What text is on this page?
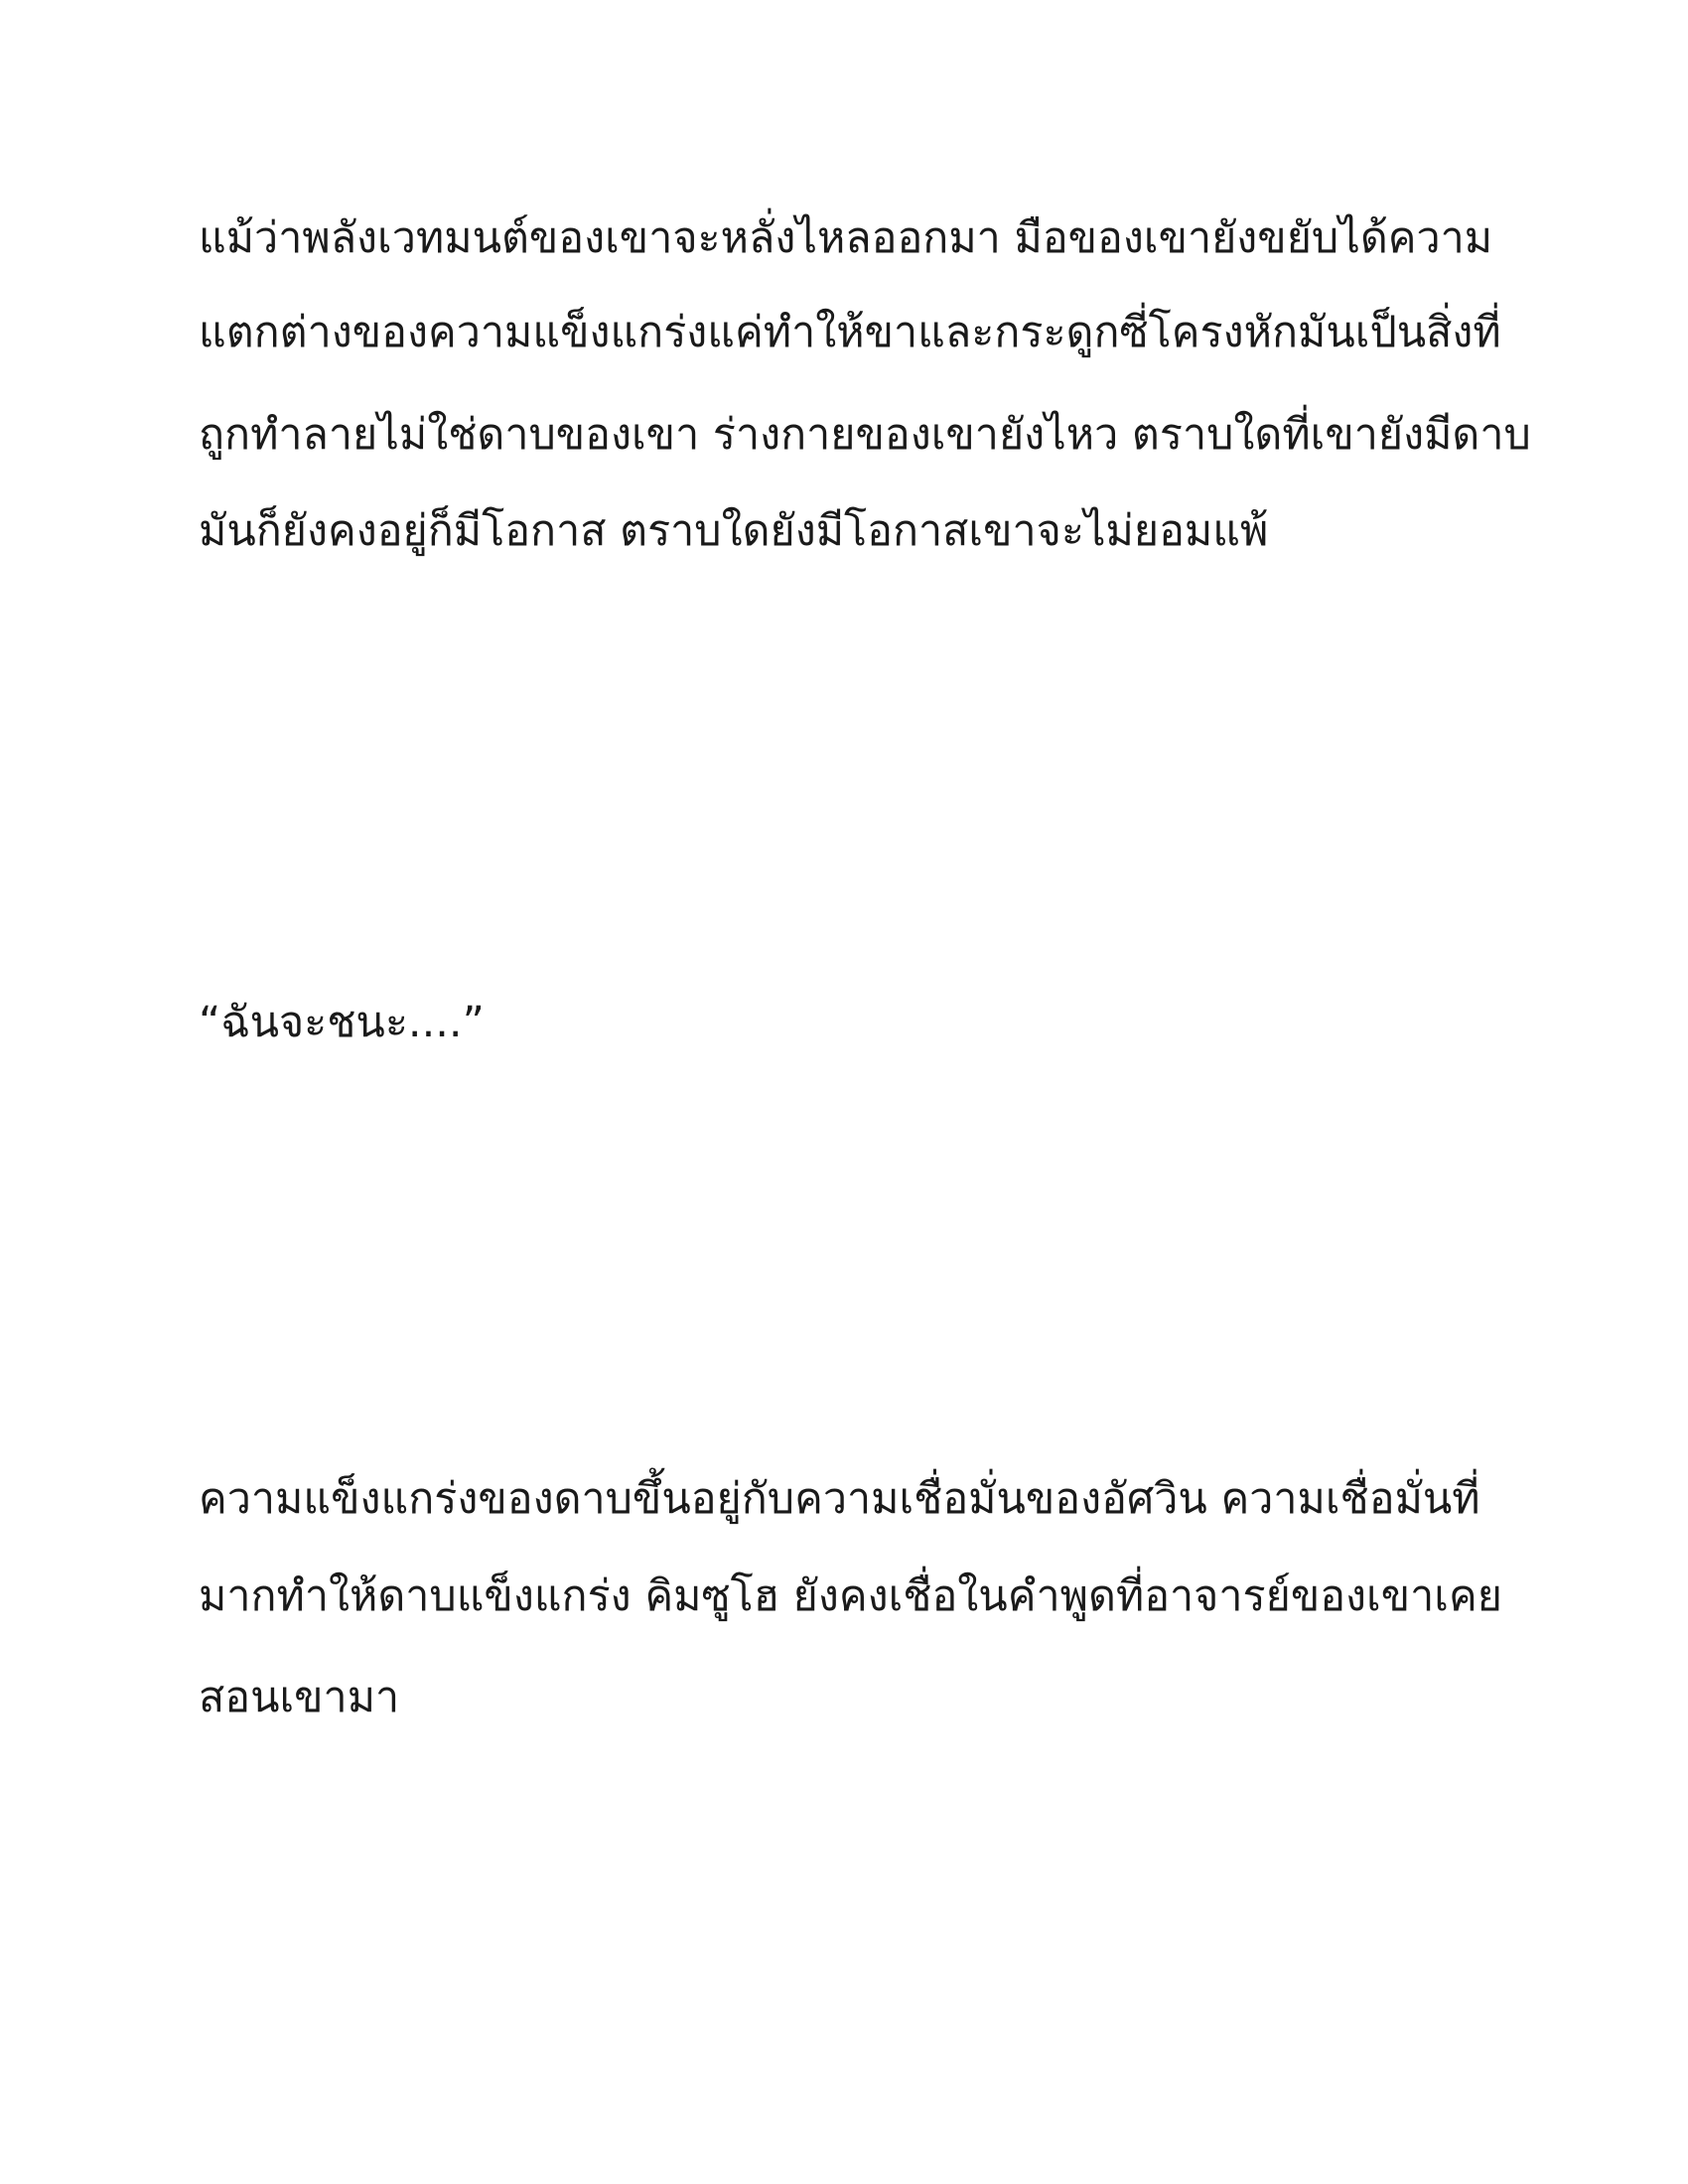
แม้ว่าพลังเวทมนต์ของเขาจะหลั่งไหลออกมา มือของเขายังขยับได้ความ
แตกต่างของความแข็งแกร่งแค่ทำให้ขาและกระดูกซี่โครงหักมันเป็นสิ่งที่
ถูกทำลายไม่ใช่ดาบของเขา ร่างกายของเขายังไหว ตราบใดที่เขายังมีดาบ
มันก็ยังคงอยู่ก็มีโอกาส ตราบใดยังมีโอกาสเขาจะไม่ยอมแพ้
“ฉันจะชนะ....”
ความแข็งแกร่งของดาบขึ้นอยู่กับความเชื่อมั่นของอัศวิน ความเชื่อมั่นที่
มากทำให้ดาบแข็งแกร่ง คิมซูโฮ ยังคงเชื่อในคำพูดที่อาจารย์ของเขาเคย
สอนเขามา
